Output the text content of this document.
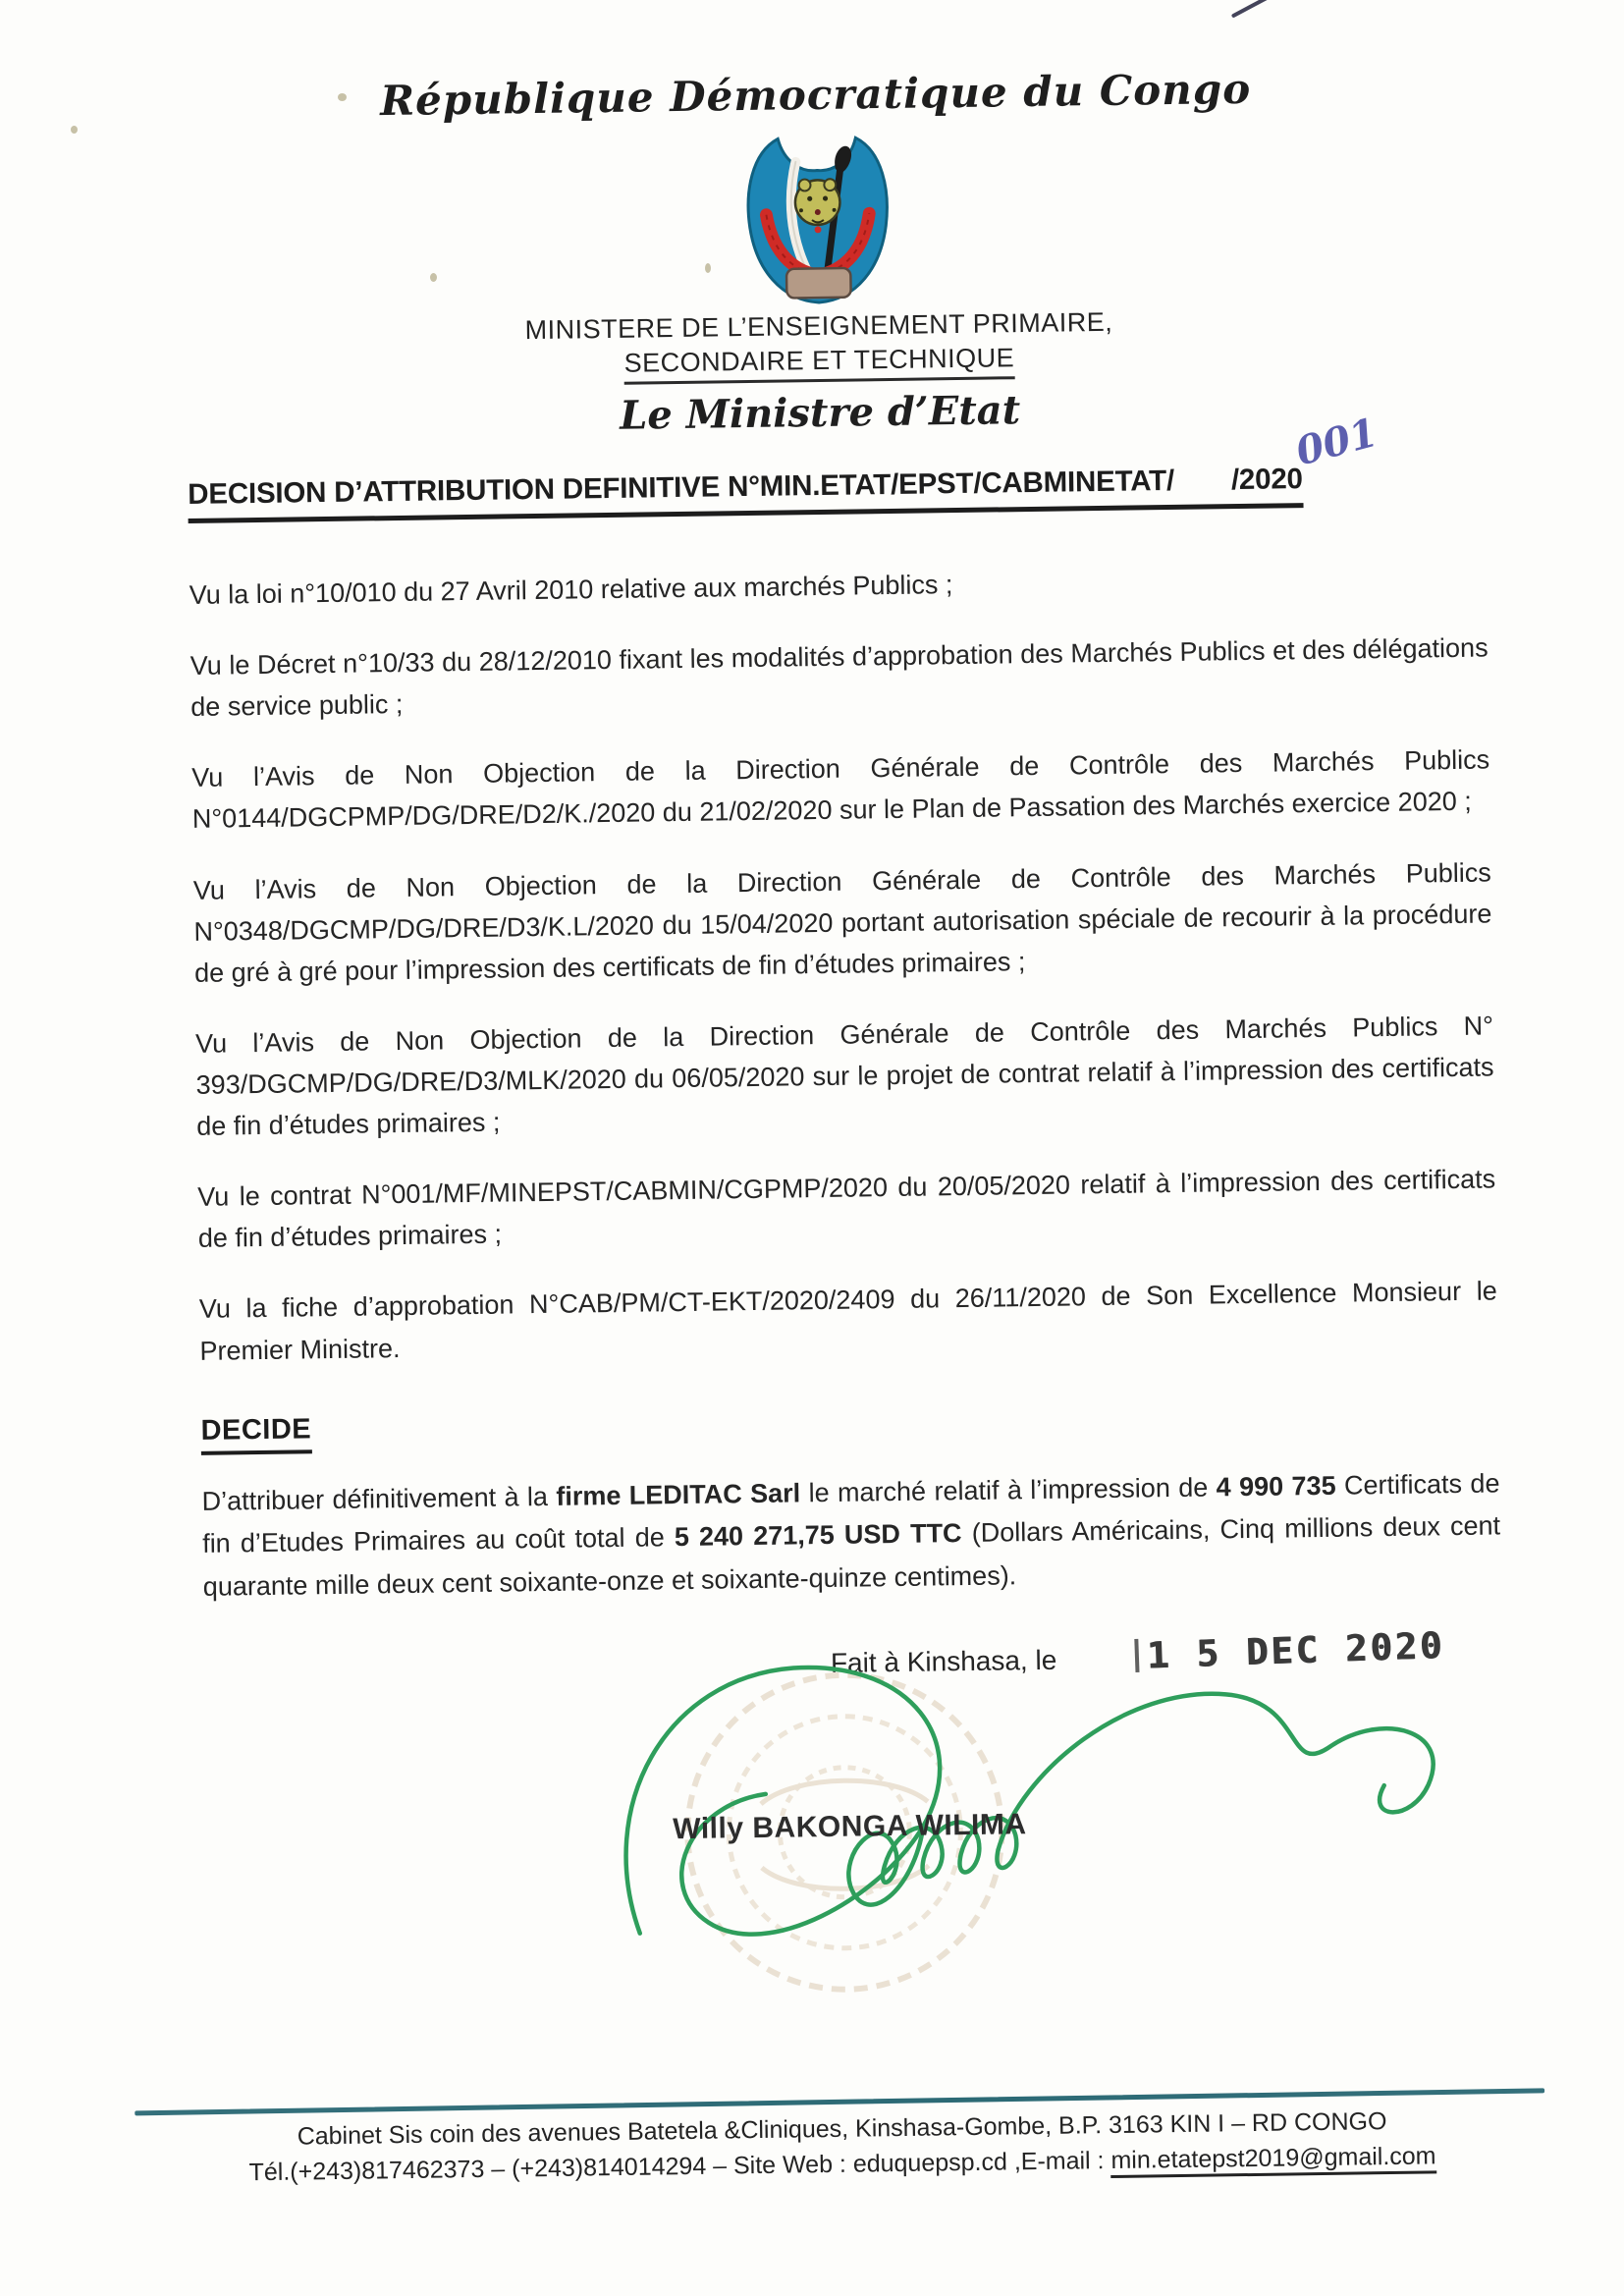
République Démocratique du Congo
MINISTERE DE L’ENSEIGNEMENT PRIMAIRE,
SECONDAIRE ET TECHNIQUE
Le Ministre d’Etat	001
DECISION D’ATTRIBUTION DEFINITIVE N°MIN.ETAT/EPST/CABMINETAT/ /2020

Vu la loi n°10/010 du 27 Avril 2010 relative aux marchés Publics ;

Vu le Décret n°10/33 du 28/12/2010 fixant les modalités d’approbation des Marchés Publics et des délégations de service public ;

Vu l’Avis de Non Objection de la Direction Générale de Contrôle des Marchés Publics N°0144/DGCPMP/DG/DRE/D2/K./2020 du 21/02/2020 sur le Plan de Passation des Marchés exercice 2020 ;

Vu l’Avis de Non Objection de la Direction Générale de Contrôle des Marchés Publics N°0348/DGCMP/DG/DRE/D3/K.L/2020 du 15/04/2020 portant autorisation spéciale de recourir à la procédure de gré à gré pour l’impression des certificats de fin d’études primaires ;

Vu l’Avis de Non Objection de la Direction Générale de Contrôle des Marchés Publics N° 393/DGCMP/DG/DRE/D3/MLK/2020 du 06/05/2020 sur le projet de contrat relatif à l’impression des certificats de fin d’études primaires ;

Vu le contrat N°001/MF/MINEPST/CABMIN/CGPMP/2020 du 20/05/2020 relatif à l’impression des certificats de fin d’études primaires ;

Vu la fiche d’approbation N°CAB/PM/CT-EKT/2020/2409 du 26/11/2020 de Son Excellence Monsieur le Premier Ministre.

DECIDE

D’attribuer définitivement à la firme LEDITAC Sarl le marché relatif à l’impression de 4 990 735 Certificats de fin d’Etudes Primaires au coût total de 5 240 271,75 USD TTC (Dollars Américains, Cinq millions deux cent quarante mille deux cent soixante-onze et soixante-quinze centimes).

Fait à Kinshasa, le 1 5 DEC 2020
Willy BAKONGA WILIMA
Cabinet Sis coin des avenues Batetela &Cliniques, Kinshasa-Gombe, B.P. 3163 KIN I – RD CONGO
Tél.(+243)817462373 – (+243)814014294 – Site Web : eduquepsp.cd ,E-mail : min.etatepst2019@gmail.com
